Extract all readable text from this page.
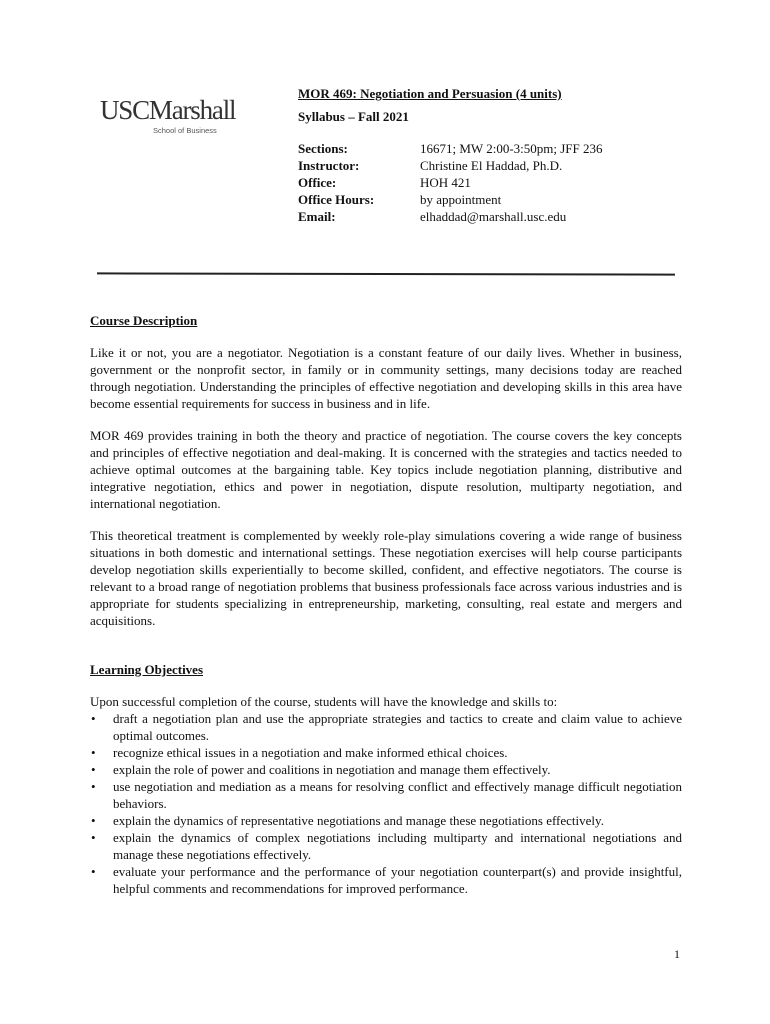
USCMarshall
School of Business
MOR 469: Negotiation and Persuasion (4 units)
Syllabus – Fall 2021
Sections:	16671; MW 2:00-3:50pm; JFF 236
Instructor:	Christine El Haddad, Ph.D.
Office:	HOH 421
Office Hours:	by appointment
Email:	elhaddad@marshall.usc.edu
Course Description

Like it or not, you are a negotiator. Negotiation is a constant feature of our daily lives. Whether in business, government or the nonprofit sector, in family or in community settings, many decisions today are reached through negotiation. Understanding the principles of effective negotiation and developing skills in this area have become essential requirements for success in business and in life.

MOR 469 provides training in both the theory and practice of negotiation. The course covers the key concepts and principles of effective negotiation and deal-making. It is concerned with the strategies and tactics needed to achieve optimal outcomes at the bargaining table. Key topics include negotiation planning, distributive and integrative negotiation, ethics and power in negotiation, dispute resolution, multiparty negotiation, and international negotiation.

This theoretical treatment is complemented by weekly role-play simulations covering a wide range of business situations in both domestic and international settings. These negotiation exercises will help course participants develop negotiation skills experientially to become skilled, confident, and effective negotiators. The course is relevant to a broad range of negotiation problems that business professionals face across various industries and is appropriate for students specializing in entrepreneurship, marketing, consulting, real estate and mergers and acquisitions.

Learning Objectives

Upon successful completion of the course, students will have the knowledge and skills to:

• draft a negotiation plan and use the appropriate strategies and tactics to create and claim value to achieve optimal outcomes.
• recognize ethical issues in a negotiation and make informed ethical choices.
• explain the role of power and coalitions in negotiation and manage them effectively.
• use negotiation and mediation as a means for resolving conflict and effectively manage difficult negotiation behaviors.
• explain the dynamics of representative negotiations and manage these negotiations effectively.
• explain the dynamics of complex negotiations including multiparty and international negotiations and manage these negotiations effectively.
• evaluate your performance and the performance of your negotiation counterpart(s) and provide insightful, helpful comments and recommendations for improved performance.
1
